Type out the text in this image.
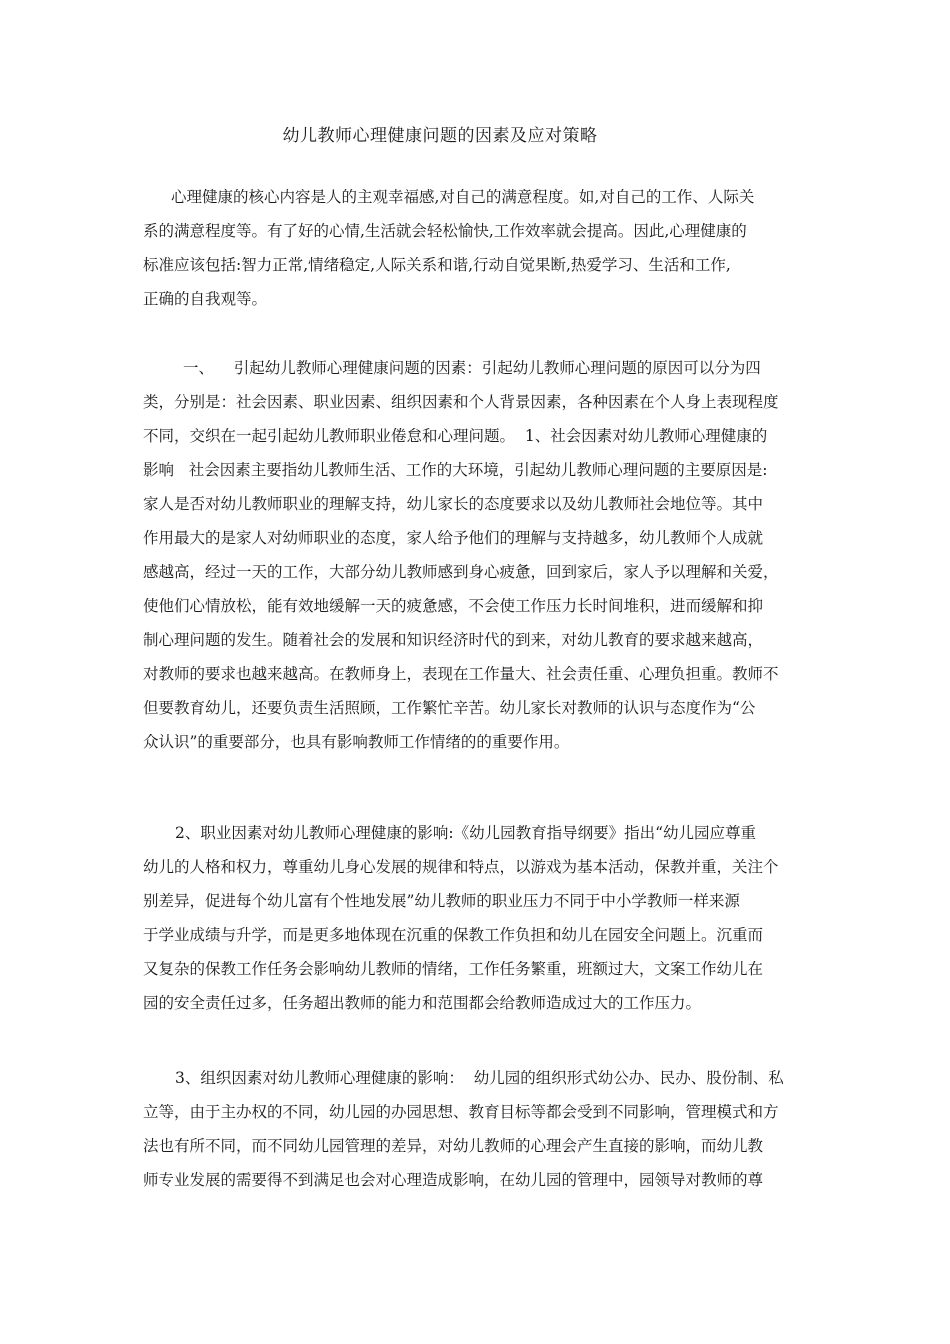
幼儿教师心理健康问题的因素及应对策略

心理健康的核心内容是人的主观幸福感,对自己的满意程度。如,对自己的工作、人际关
系的满意程度等。有了好的心情,生活就会轻松愉快,工作效率就会提高。因此,心理健康的
标准应该包括:智力正常,情绪稳定,人际关系和谐,行动自觉果断,热爱学习、生活和工作,
正确的自我观等。

一、    引起幼儿教师心理健康问题的因素：引起幼儿教师心理问题的原因可以分为四
类，分别是：社会因素、职业因素、组织因素和个人背景因素，各种因素在个人身上表现程度
不同，交织在一起引起幼儿教师职业倦怠和心理问题。  1、社会因素对幼儿教师心理健康的
影响   社会因素主要指幼儿教师生活、工作的大环境，引起幼儿教师心理问题的主要原因是:
家人是否对幼儿教师职业的理解支持，幼儿家长的态度要求以及幼儿教师社会地位等。其中
作用最大的是家人对幼师职业的态度，家人给予他们的理解与支持越多，幼儿教师个人成就
感越高，经过一天的工作，大部分幼儿教师感到身心疲惫，回到家后，家人予以理解和关爱，
使他们心情放松，能有效地缓解一天的疲惫感，不会使工作压力长时间堆积，进而缓解和抑
制心理问题的发生。随着社会的发展和知识经济时代的到来，对幼儿教育的要求越来越高，
对教师的要求也越来越高。在教师身上，表现在工作量大、社会责任重、心理负担重。教师不
但要教育幼儿，还要负责生活照顾，工作繁忙辛苦。幼儿家长对教师的认识与态度作为“公
众认识”的重要部分，也具有影响教师工作情绪的的重要作用。

2、职业因素对幼儿教师心理健康的影响:《幼儿园教育指导纲要》指出“幼儿园应尊重
幼儿的人格和权力，尊重幼儿身心发展的规律和特点，以游戏为基本活动，保教并重，关注个
别差异，促进每个幼儿富有个性地发展”幼儿教师的职业压力不同于中小学教师一样来源
于学业成绩与升学，而是更多地体现在沉重的保教工作负担和幼儿在园安全问题上。沉重而
又复杂的保教工作任务会影响幼儿教师的情绪，工作任务繁重，班额过大，文案工作幼儿在
园的安全责任过多，任务超出教师的能力和范围都会给教师造成过大的工作压力。

3、组织因素对幼儿教师心理健康的影响：  幼儿园的组织形式幼公办、民办、股份制、私
立等，由于主办权的不同，幼儿园的办园思想、教育目标等都会受到不同影响，管理模式和方
法也有所不同，而不同幼儿园管理的差异，对幼儿教师的心理会产生直接的影响，而幼儿教
师专业发展的需要得不到满足也会对心理造成影响，在幼儿园的管理中，园领导对教师的尊
